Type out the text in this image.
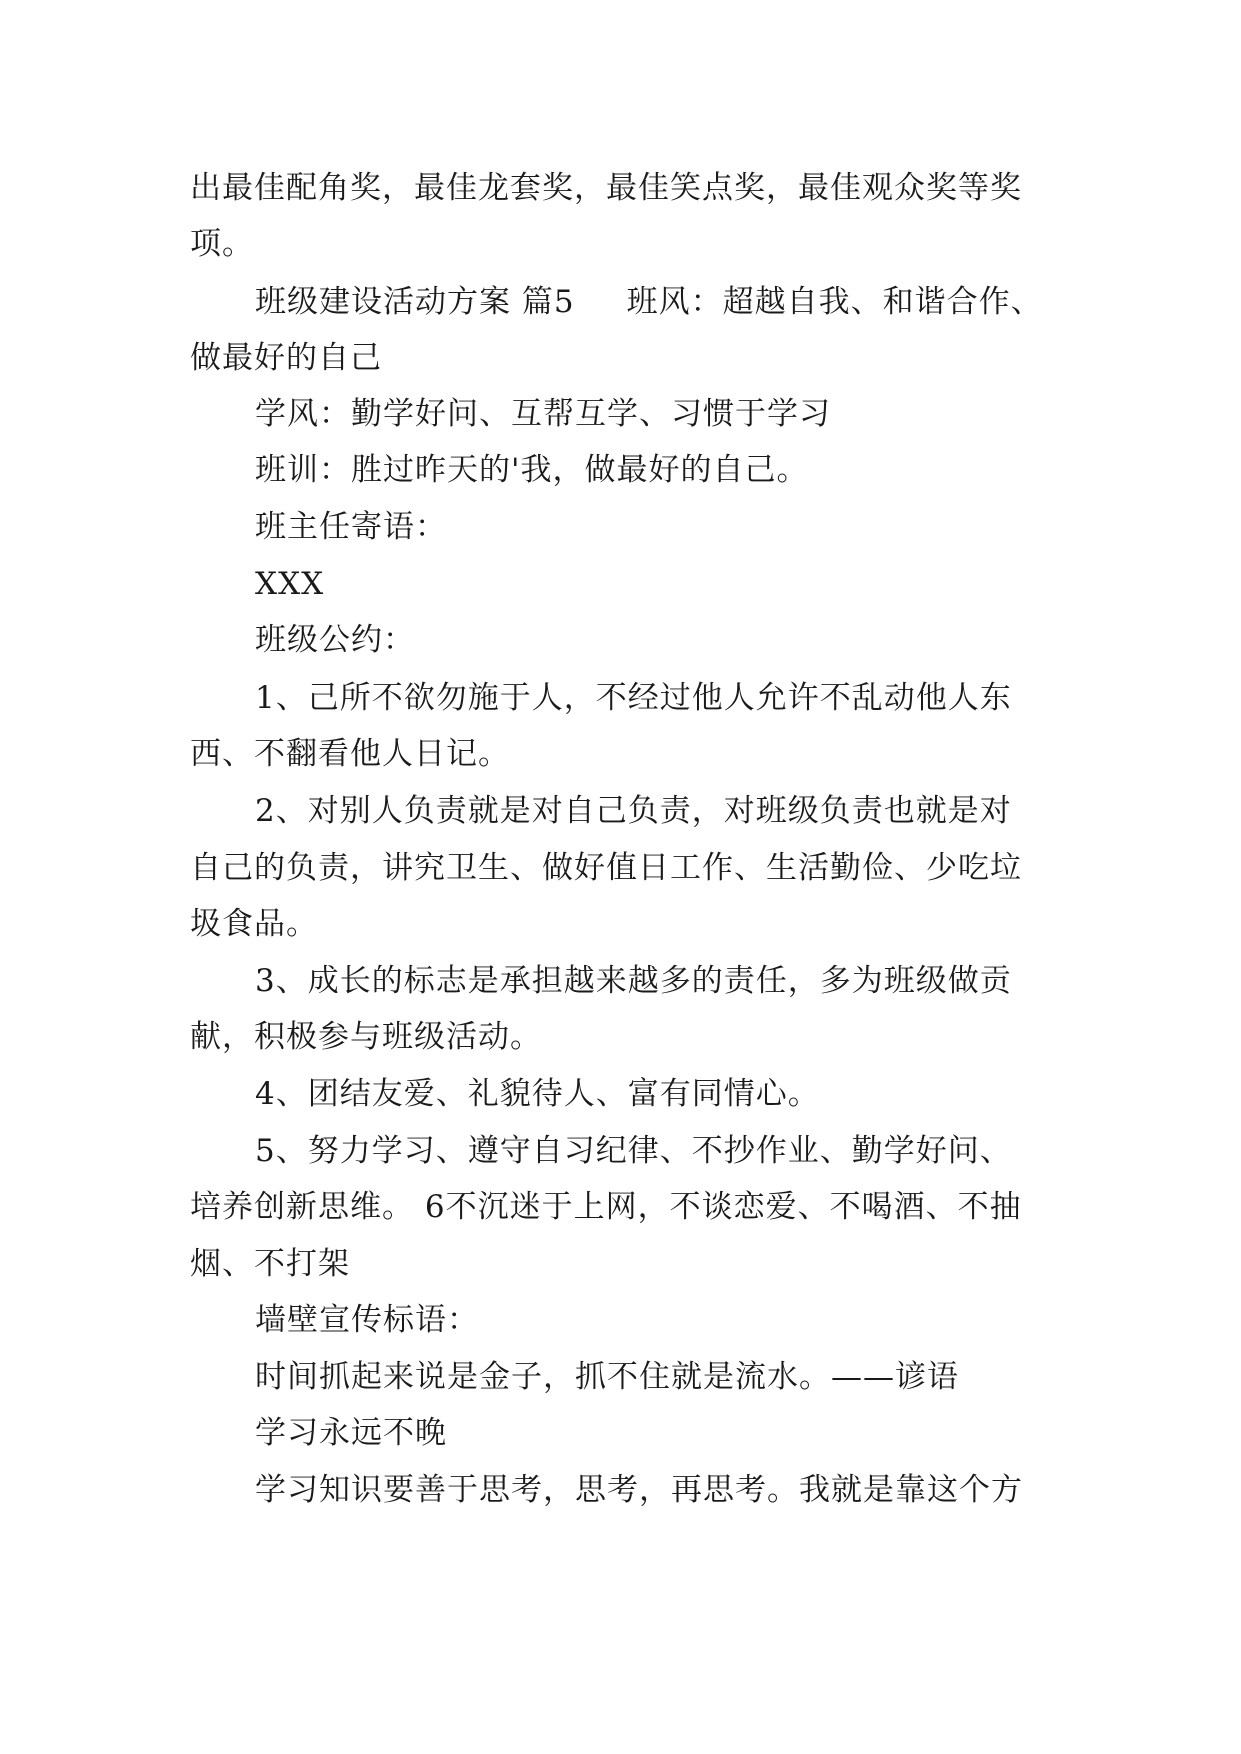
出最佳配角奖，最佳龙套奖，最佳笑点奖，最佳观众奖等奖
项。
班级建设活动方案 篇5 班风：超越自我、和谐合作、
做最好的自己
学风：勤学好问、互帮互学、习惯于学习
班训：胜过昨天的'我，做最好的自己。
班主任寄语：
XXX
班级公约：
1、己所不欲勿施于人，不经过他人允许不乱动他人东
西、不翻看他人日记。
2、对别人负责就是对自己负责，对班级负责也就是对
自己的负责，讲究卫生、做好值日工作、生活勤俭、少吃垃
圾食品。
3、成长的标志是承担越来越多的责任，多为班级做贡
献，积极参与班级活动。
4、团结友爱、礼貌待人、富有同情心。
5、努力学习、遵守自习纪律、不抄作业、勤学好问、
培养创新思维。 6不沉迷于上网，不谈恋爱、不喝酒、不抽
烟、不打架
墙壁宣传标语：
时间抓起来说是金子，抓不住就是流水。——谚语
学习永远不晚
学习知识要善于思考，思考，再思考。我就是靠这个方
